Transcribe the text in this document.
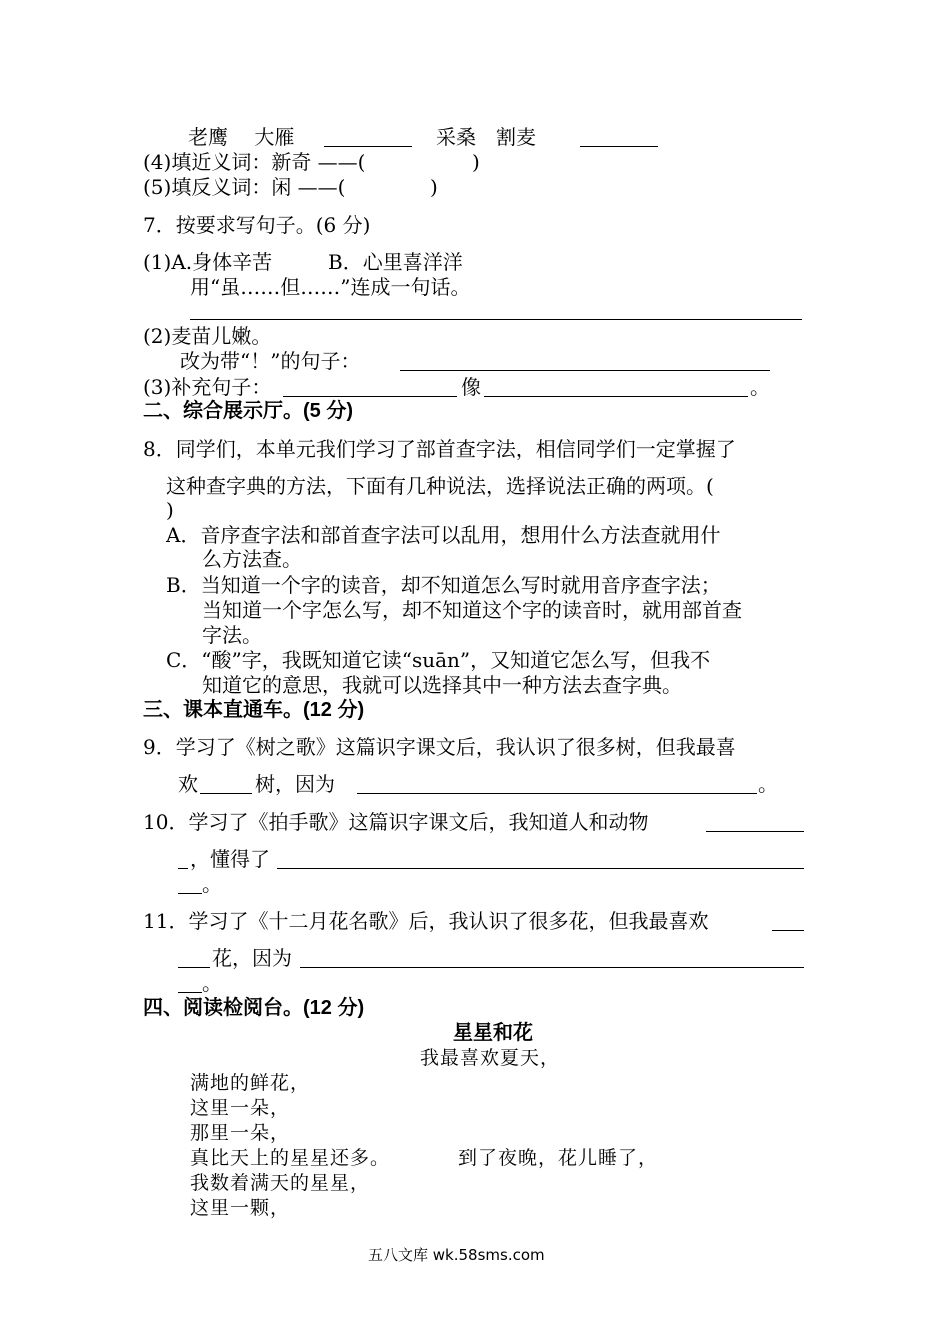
老鹰　 大雁	采桑　割麦
(4)填近义词：新奇 ——(	)
(5)填反义词：闲 ——(	)
7．按要求写句子。(6 分)
(1)A.身体辛苦	B．心里喜洋洋
用“虽……但……”连成一句话。
(2)麦苗儿嫩。
改为带“！”的句子：
(3)补充句子：	像	。
二、综合展示厅。(5 分)
8．同学们，本单元我们学习了部首查字法，相信同学们一定掌握了
这种查字典的方法，下面有几种说法，选择说法正确的两项。(
)
A．音序查字法和部首查字法可以乱用，想用什么方法查就用什
么方法查。
B．当知道一个字的读音，却不知道怎么写时就用音序查字法；
当知道一个字怎么写，却不知道这个字的读音时，就用部首查
字法。
C．“酸”字，我既知道它读“suān”，又知道它怎么写，但我不
知道它的意思，我就可以选择其中一种方法去查字典。
三、课本直通车。(12 分)
9．学习了《树之歌》这篇识字课文后，我认识了很多树，但我最喜
欢	树，因为	。
10．学习了《拍手歌》这篇识字课文后，我知道人和动物
，懂得了
。
11．学习了《十二月花名歌》后，我认识了很多花，但我最喜欢
花，因为
。
四、阅读检阅台。(12 分)
星星和花
我最喜欢夏天，
满地的鲜花，
这里一朵，
那里一朵，
真比天上的星星还多。	到了夜晚，花儿睡了，
我数着满天的星星，
这里一颗，
五八文库 wk.58sms.com
